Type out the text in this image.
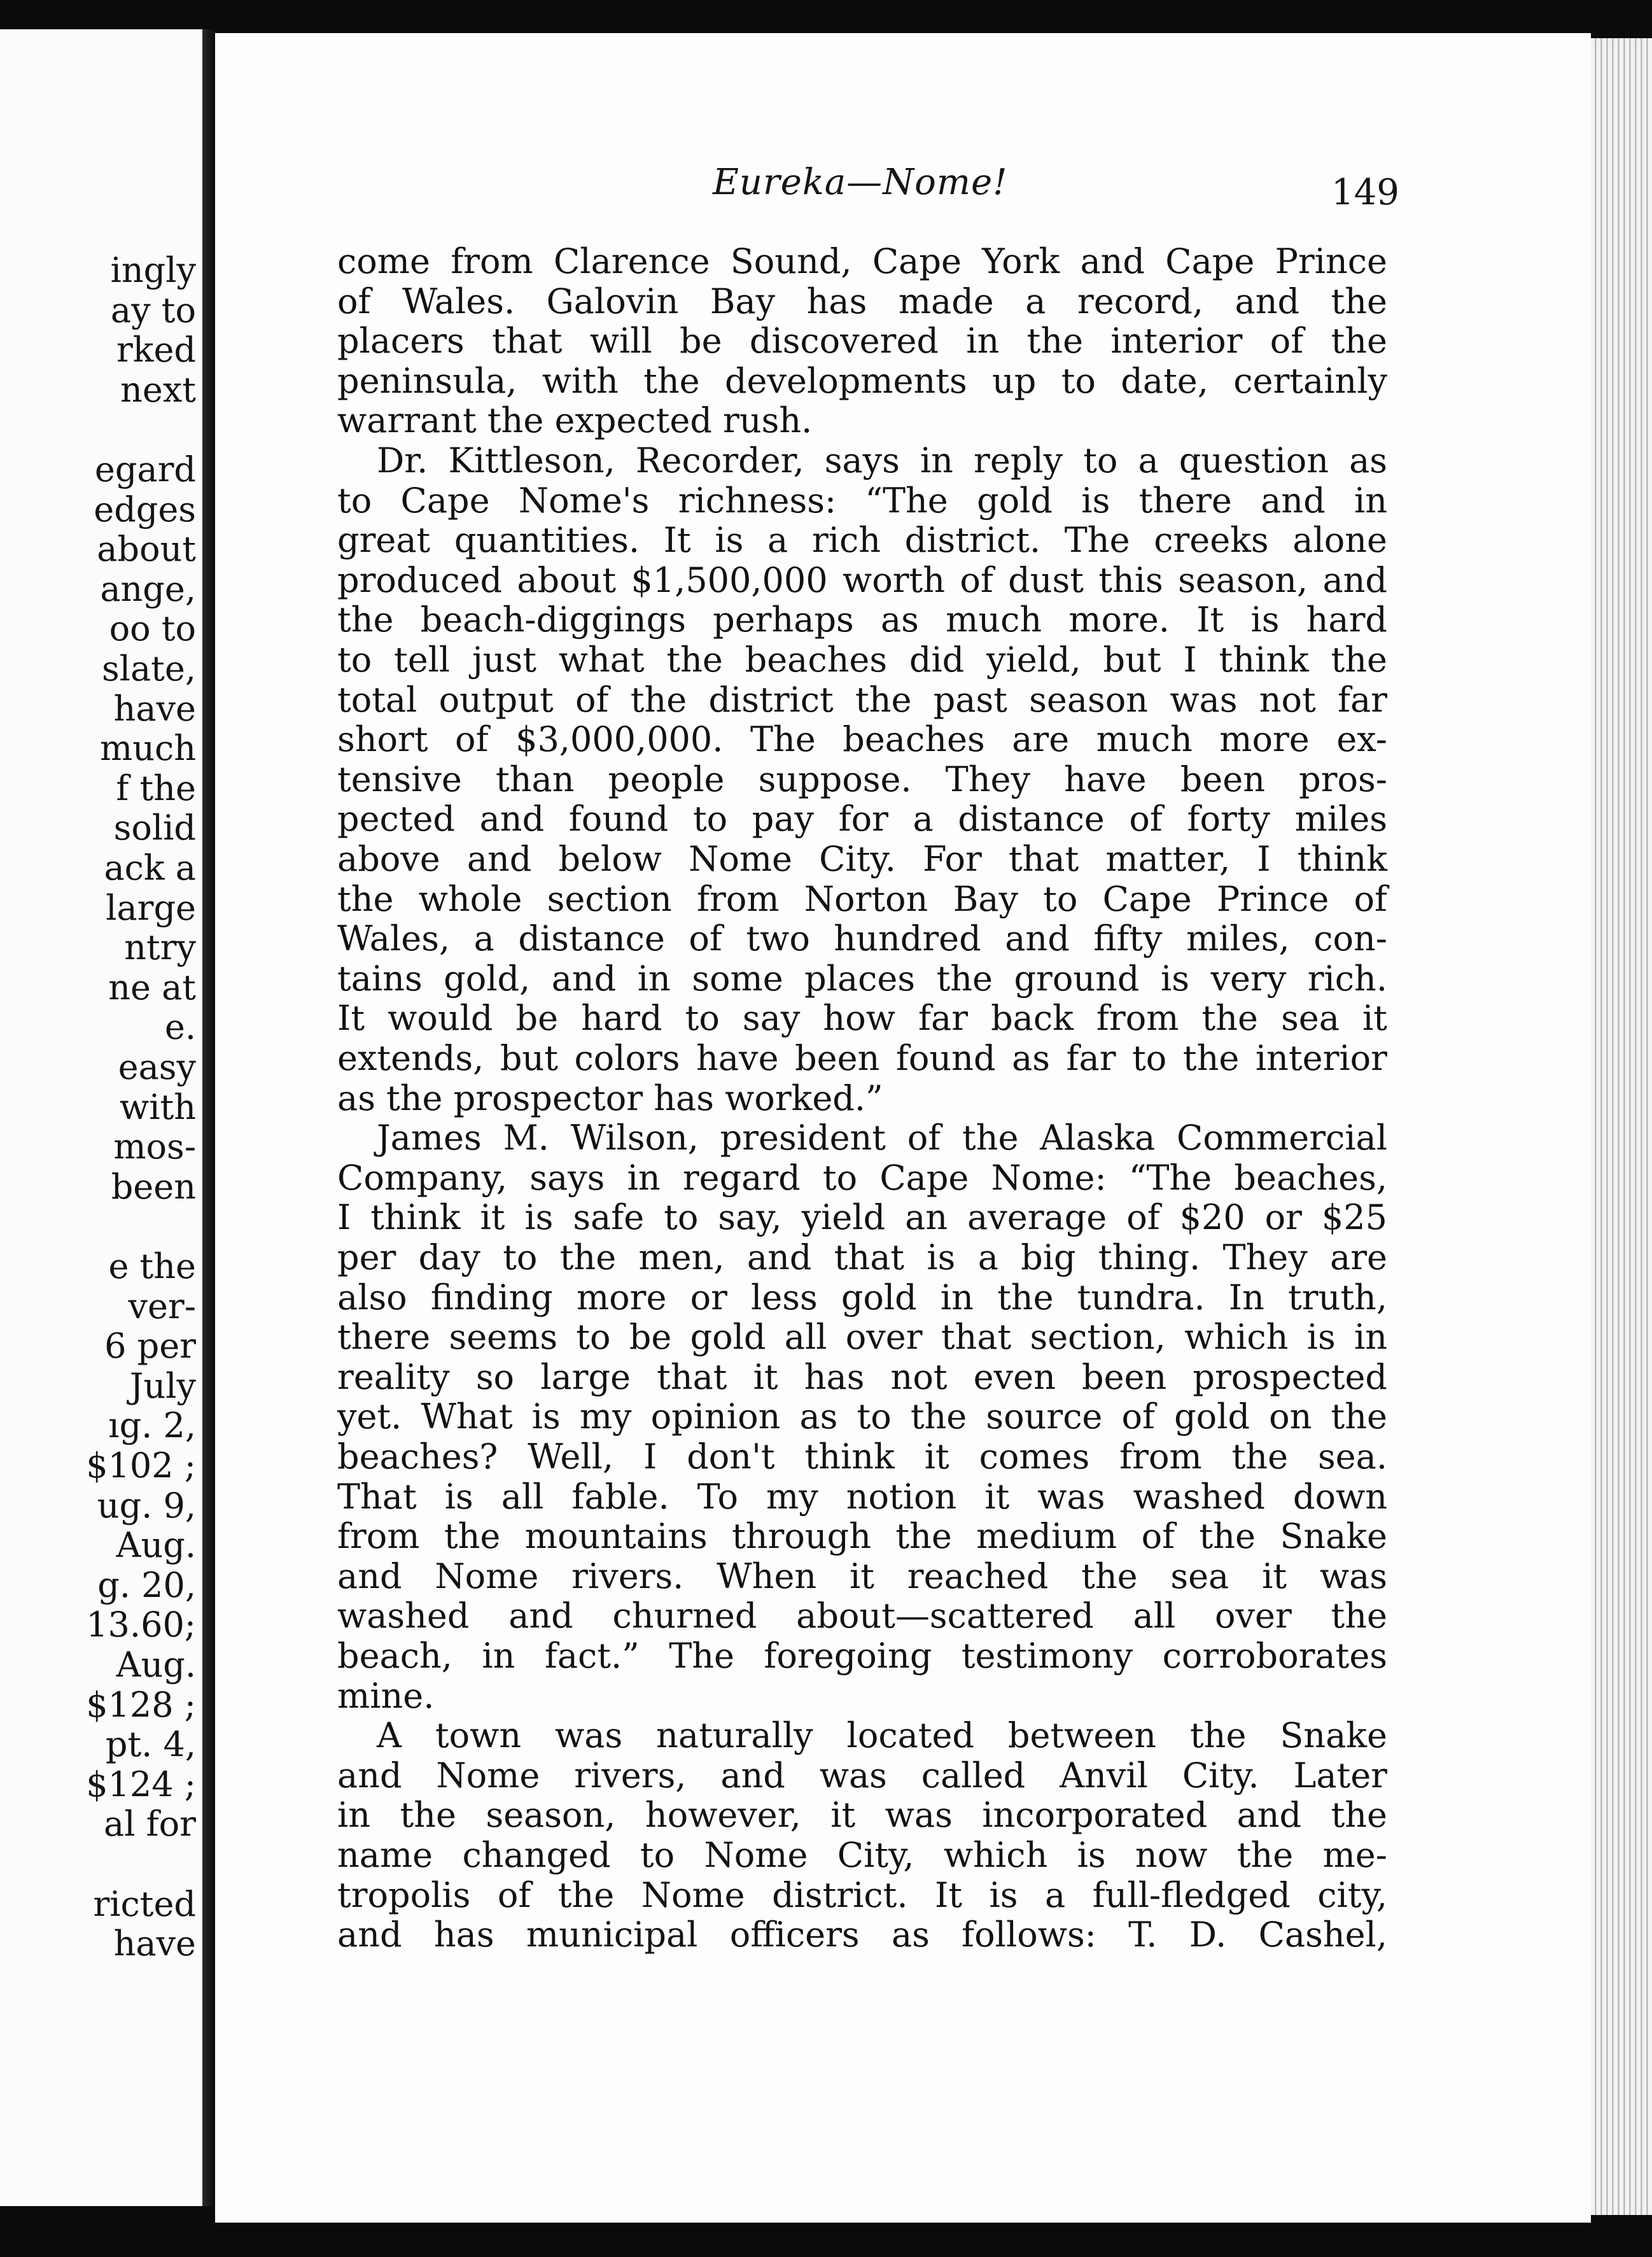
ingly
ay to
rked
next
egard
edges
about
ange,
oo to
slate,
have
much
f the
solid
ack a
large
ntry
ne at
e.
easy
with
mos-
been
e the
ver-
6 per
July
ıg. 2,
$102 ;
ug. 9,
Aug.
g. 20,
13.60;
Aug.
$128 ;
pt. 4,
$124 ;
al for
ricted
have
Eureka—Nome!	149
come from Clarence Sound, Cape York and Cape Prince
of Wales. Galovin Bay has made a record, and the
placers that will be discovered in the interior of the
peninsula, with the developments up to date, certainly
warrant the expected rush.
Dr. Kittleson, Recorder, says in reply to a question as
to Cape Nome's richness: “The gold is there and in
great quantities. It is a rich district. The creeks alone
produced about $1,500,000 worth of dust this season, and
the beach-diggings perhaps as much more. It is hard
to tell just what the beaches did yield, but I think the
total output of the district the past season was not far
short of $3,000,000. The beaches are much more ex-
tensive than people suppose. They have been pros-
pected and found to pay for a distance of forty miles
above and below Nome City. For that matter, I think
the whole section from Norton Bay to Cape Prince of
Wales, a distance of two hundred and fifty miles, con-
tains gold, and in some places the ground is very rich.
It would be hard to say how far back from the sea it
extends, but colors have been found as far to the interior
as the prospector has worked.”
James M. Wilson, president of the Alaska Commercial
Company, says in regard to Cape Nome: “The beaches,
I think it is safe to say, yield an average of $20 or $25
per day to the men, and that is a big thing. They are
also finding more or less gold in the tundra. In truth,
there seems to be gold all over that section, which is in
reality so large that it has not even been prospected
yet. What is my opinion as to the source of gold on the
beaches? Well, I don't think it comes from the sea.
That is all fable. To my notion it was washed down
from the mountains through the medium of the Snake
and Nome rivers. When it reached the sea it was
washed and churned about—scattered all over the
beach, in fact.” The foregoing testimony corroborates
mine.
A town was naturally located between the Snake
and Nome rivers, and was called Anvil City. Later
in the season, however, it was incorporated and the
name changed to Nome City, which is now the me-
tropolis of the Nome district. It is a full-fledged city,
and has municipal officers as follows: T. D. Cashel,
